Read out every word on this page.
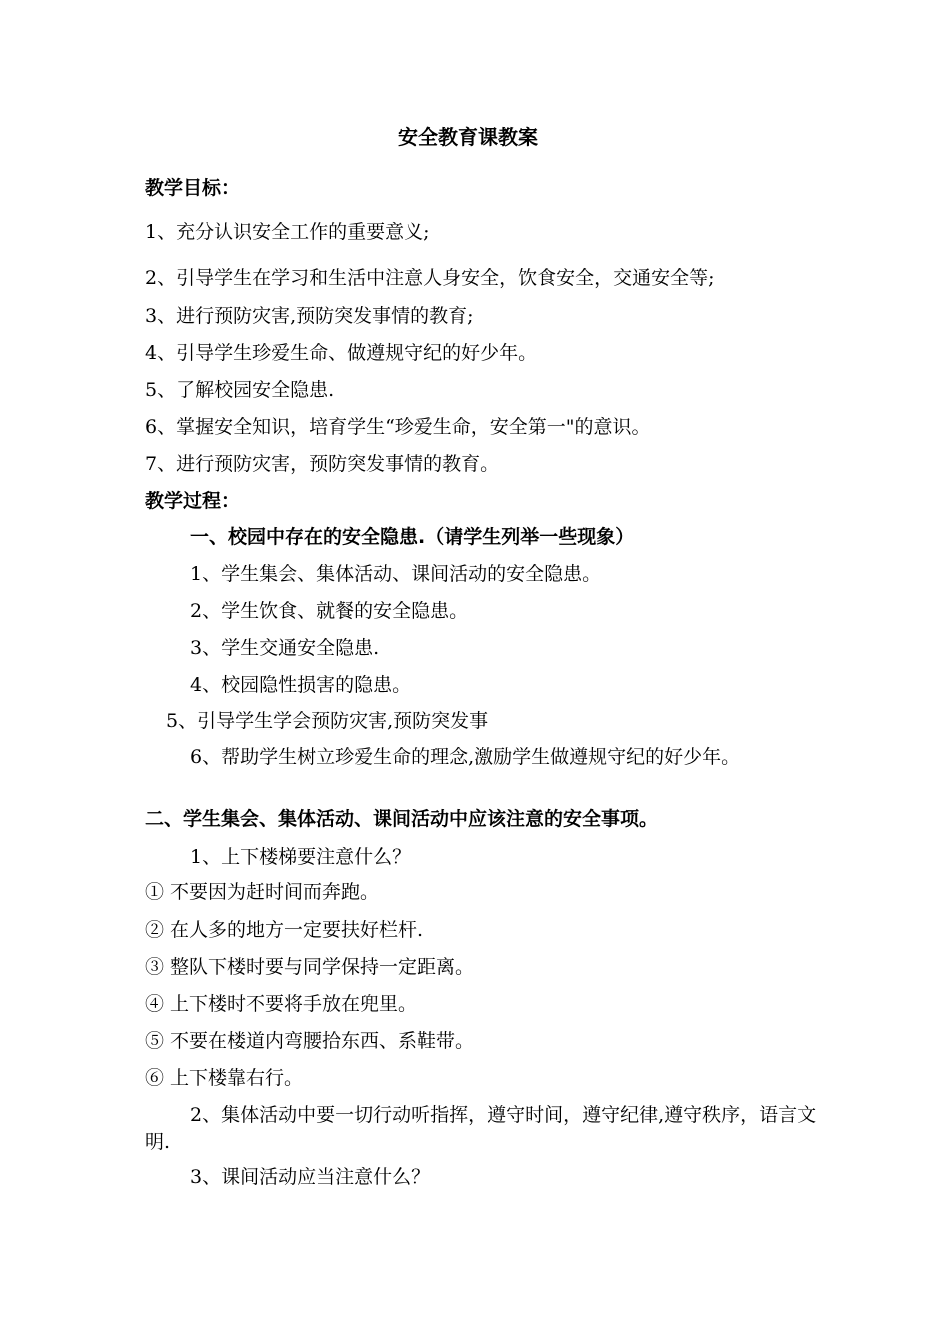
安全教育课教案
教学目标：
1、充分认识安全工作的重要意义;
2、引导学生在学习和生活中注意人身安全，饮食安全，交通安全等;
3、进行预防灾害,预防突发事情的教育;
4、引导学生珍爱生命、做遵规守纪的好少年。
5、了解校园安全隐患.
6、掌握安全知识，培育学生“珍爱生命，安全第一"的意识。
7、进行预防灾害，预防突发事情的教育。
教学过程：
一、校园中存在的安全隐患.（请学生列举一些现象）
1、学生集会、集体活动、课间活动的安全隐患。
2、学生饮食、就餐的安全隐患。
3、学生交通安全隐患.
4、校园隐性损害的隐患。
5、引导学生学会预防灾害,预防突发事
6、帮助学生树立珍爱生命的理念,激励学生做遵规守纪的好少年。
二、学生集会、集体活动、课间活动中应该注意的安全事项。
1、上下楼梯要注意什么？
① 不要因为赶时间而奔跑。
② 在人多的地方一定要扶好栏杆.
③ 整队下楼时要与同学保持一定距离。
④ 上下楼时不要将手放在兜里。
⑤ 不要在楼道内弯腰拾东西、系鞋带。
⑥ 上下楼靠右行。
2、集体活动中要一切行动听指挥，遵守时间，遵守纪律,遵守秩序，语言文明.
3、课间活动应当注意什么？
